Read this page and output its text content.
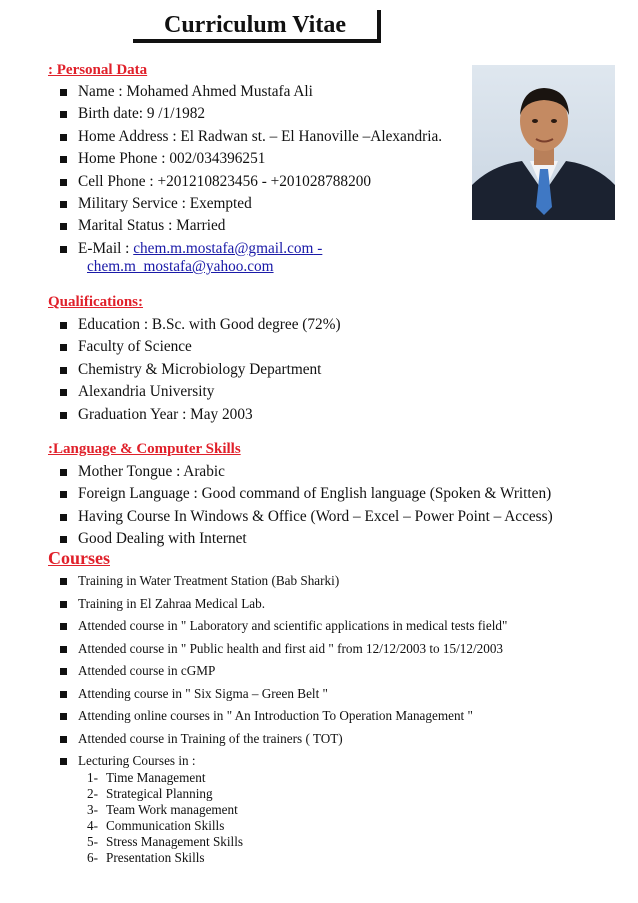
Curriculum Vitae
: Personal Data
Name : Mohamed Ahmed Mustafa Ali
Birth date: 9 /1/1982
Home Address : El Radwan st. – El Hanoville –Alexandria.
Home Phone : 002/034396251
Cell Phone : +201210823456 - +201028788200
Military Service : Exempted
Marital Status : Married
E-Mail : chem.m.mostafa@gmail.com -
chem.m_mostafa@yahoo.com
Qualifications:
Education : B.Sc. with Good degree (72%)
Faculty of Science
Chemistry & Microbiology Department
Alexandria University
Graduation Year : May 2003
:Language & Computer Skills
Mother Tongue : Arabic
Foreign Language : Good command of English language (Spoken & Written)
Having Course In Windows & Office (Word – Excel – Power Point – Access)
Good Dealing with Internet
Courses
Training in Water Treatment Station (Bab Sharki)
Training in El Zahraa Medical Lab.
Attended course in " Laboratory and scientific applications in medical tests field"
Attended course in " Public health and first aid " from 12/12/2003 to 15/12/2003
Attended course in cGMP
Attending course in " Six Sigma – Green Belt "
Attending online courses in " An Introduction To Operation Management "
Attended course in Training of the trainers ( TOT)
Lecturing Courses in :
1- Time Management
2- Strategical Planning
3- Team Work management
4- Communication Skills
5- Stress Management Skills
6- Presentation Skills
